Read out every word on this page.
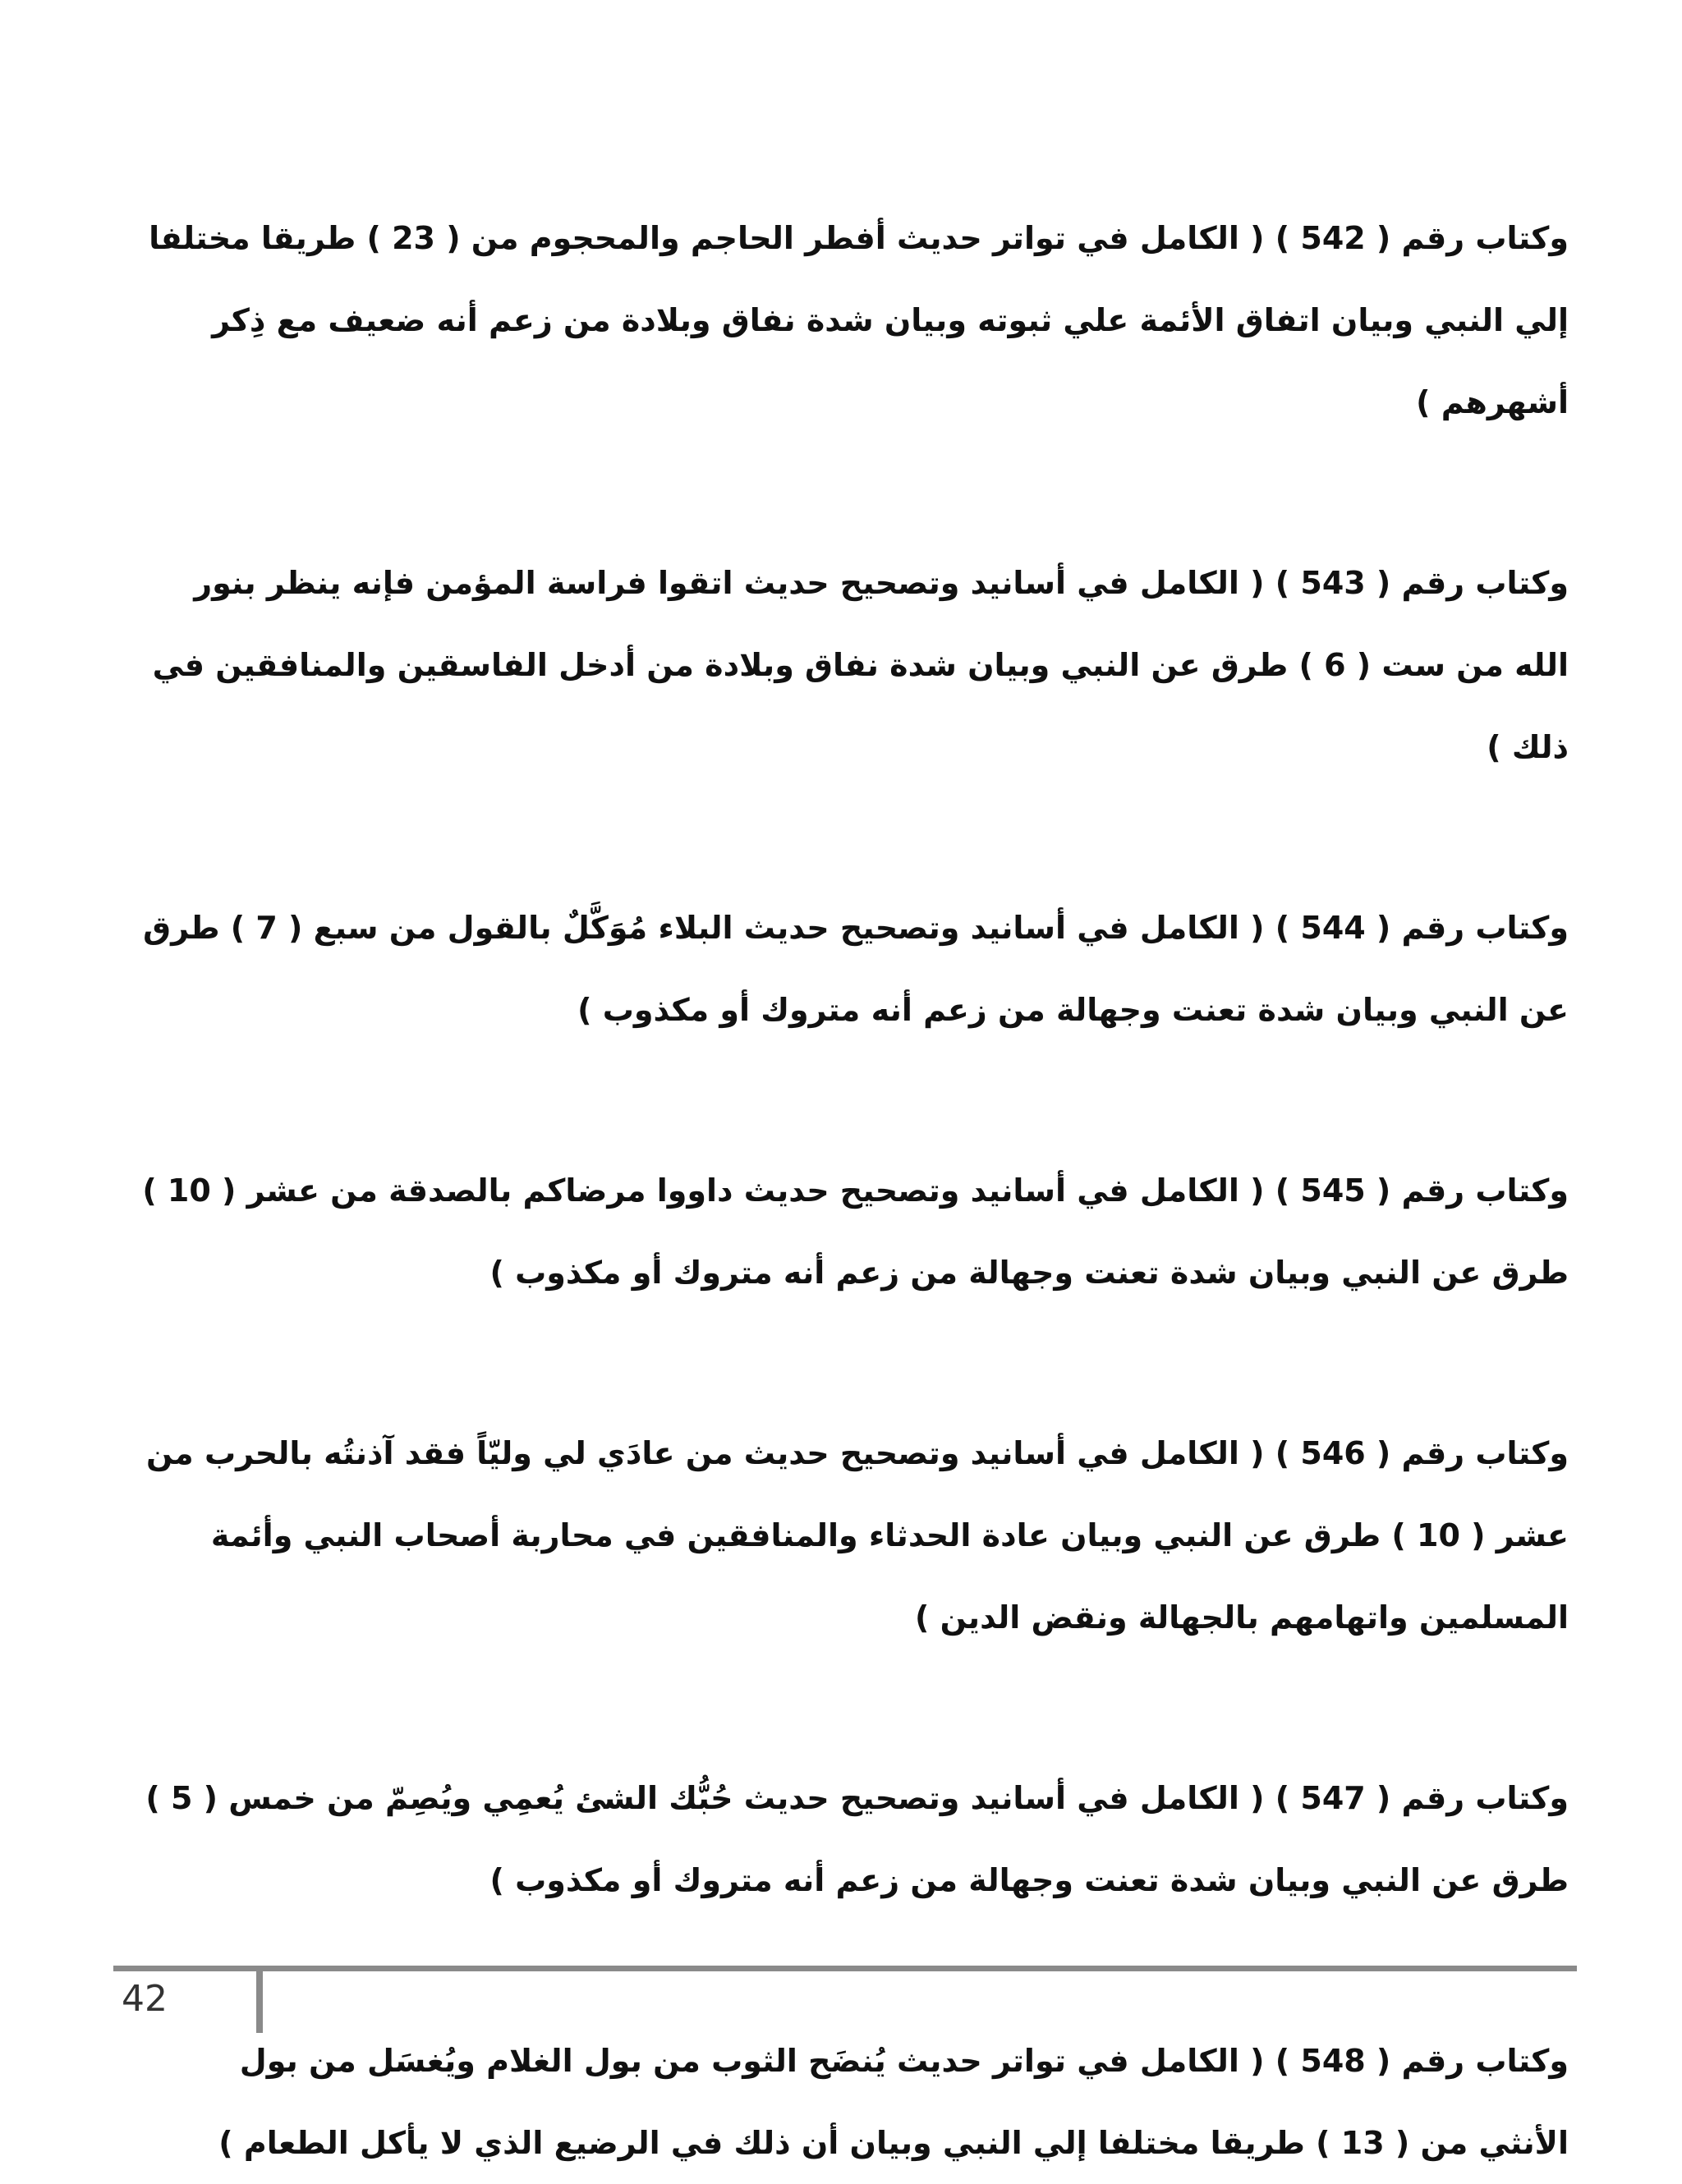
وكتاب رقم ( 542 ) ( الكامل في تواتر حديث أفطر الحاجم والمحجوم من ( 23 ) طريقا مختلفا إلي النبي وبيان اتفاق الأئمة علي ثبوته وبيان شدة نفاق وبلادة من زعم أنه ضعيف مع ذِكر أشهرهم )

وكتاب رقم ( 543 ) ( الكامل في أسانيد وتصحيح حديث اتقوا فراسة المؤمن فإنه ينظر بنور الله من ست ( 6 ) طرق عن النبي وبيان شدة نفاق وبلادة من أدخل الفاسقين والمنافقين في ذلك )

وكتاب رقم ( 544 ) ( الكامل في أسانيد وتصحيح حديث البلاء مُوَكَّلٌ بالقول من سبع ( 7 ) طرق عن النبي وبيان شدة تعنت وجهالة من زعم أنه متروك أو مكذوب )

وكتاب رقم ( 545 ) ( الكامل في أسانيد وتصحيح حديث داووا مرضاكم بالصدقة من عشر ( 10 ) طرق عن النبي وبيان شدة تعنت وجهالة من زعم أنه متروك أو مكذوب )

وكتاب رقم ( 546 ) ( الكامل في أسانيد وتصحيح حديث من عادَي لي وليّاً فقد آذنتُه بالحرب من عشر ( 10 ) طرق عن النبي وبيان عادة الحدثاء والمنافقين في محاربة أصحاب النبي وأئمة المسلمين واتهامهم بالجهالة ونقض الدين )

وكتاب رقم ( 547 ) ( الكامل في أسانيد وتصحيح حديث حُبُّك الشئ يُعمِي ويُصِمّ من خمس ( 5 ) طرق عن النبي وبيان شدة تعنت وجهالة من زعم أنه متروك أو مكذوب )

وكتاب رقم ( 548 ) ( الكامل في تواتر حديث يُنضَح الثوب من بول الغلام ويُغسَل من بول الأنثي من ( 13 ) طريقا مختلفا إلي النبي وبيان أن ذلك في الرضيع الذي لا يأكل الطعام )

42
